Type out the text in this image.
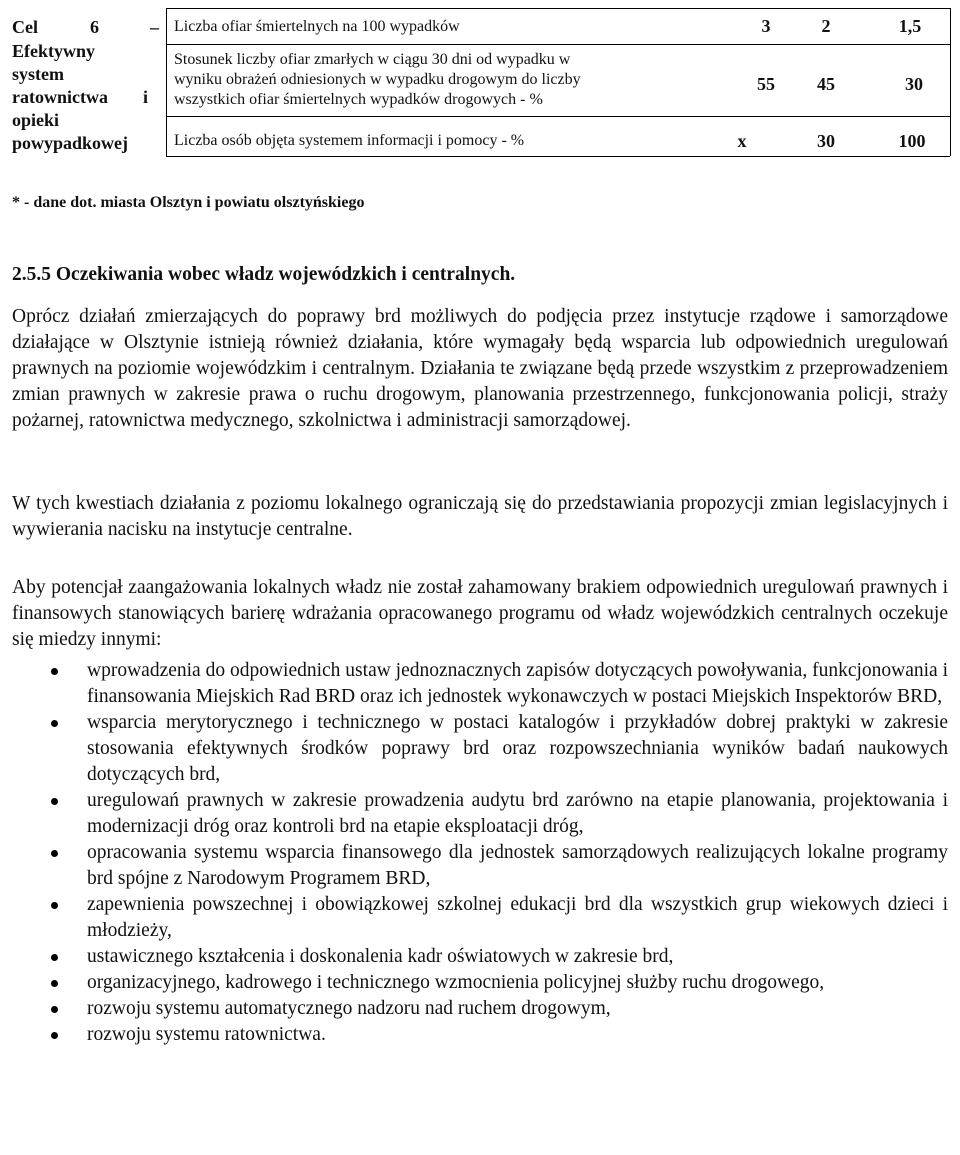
Cel	6	–
Efektywny
system
ratownictwa i
opieki
powypadkowej
Liczba ofiar śmiertelnych na 100 wypadków	3	2	1,5
Stosunek liczby ofiar zmarłych w ciągu 30 dni od wypadku w
wyniku obrażeń odniesionych w wypadku drogowym do liczby
wszystkich ofiar śmiertelnych wypadków drogowych - %
55	45	30
Liczba osób objęta systemem informacji i pomocy - %	x	30	100
* - dane dot. miasta Olsztyn i powiatu olsztyńskiego
2.5.5 Oczekiwania wobec władz wojewódzkich i centralnych.

Oprócz działań zmierzających do poprawy brd możliwych do podjęcia przez instytucje rządowe i samorządowe działające w Olsztynie istnieją również działania, które wymagały będą wsparcia lub odpowiednich uregulowań prawnych na poziomie wojewódzkim i centralnym. Działania te związane będą przede wszystkim z przeprowadzeniem zmian prawnych w zakresie prawa o ruchu drogowym, planowania przestrzennego, funkcjonowania policji, straży pożarnej, ratownictwa medycznego, szkolnictwa i administracji samorządowej.

W tych kwestiach działania z poziomu lokalnego ograniczają się do przedstawiania propozycji zmian legislacyjnych i wywierania nacisku na instytucje centralne.

Aby potencjał zaangażowania lokalnych władz nie został zahamowany brakiem odpowiednich uregulowań prawnych i finansowych stanowiących barierę wdrażania opracowanego programu od władz wojewódzkich centralnych oczekuje się miedzy innymi:

wprowadzenia do odpowiednich ustaw jednoznacznych zapisów dotyczących powoływania, funkcjonowania i finansowania Miejskich Rad BRD oraz ich jednostek wykonawczych w postaci Miejskich Inspektorów BRD,
wsparcia merytorycznego i technicznego w postaci katalogów i przykładów dobrej praktyki w zakresie stosowania efektywnych środków poprawy brd oraz rozpowszechniania wyników badań naukowych dotyczących brd,
uregulowań prawnych w zakresie prowadzenia audytu brd zarówno na etapie planowania, projektowania i modernizacji dróg oraz kontroli brd na etapie eksploatacji dróg,
opracowania systemu wsparcia finansowego dla jednostek samorządowych realizujących lokalne programy brd spójne z Narodowym Programem BRD,
zapewnienia powszechnej i obowiązkowej szkolnej edukacji brd dla wszystkich grup wiekowych dzieci i młodzieży,
ustawicznego kształcenia i doskonalenia kadr oświatowych w zakresie brd,
organizacyjnego, kadrowego i technicznego wzmocnienia policyjnej służby ruchu drogowego,
rozwoju systemu automatycznego nadzoru nad ruchem drogowym,
rozwoju systemu ratownictwa.
